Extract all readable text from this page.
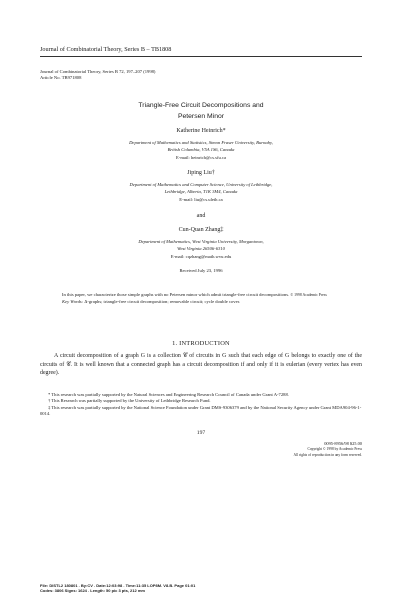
Journal of Combinatorial Theory, Series B – TB1808
Journal of Combinatorial Theory, Series B 72, 197–207 (1998)
Article No. TB971808
Triangle-Free Circuit Decompositions and
Petersen Minor
Katherine Heinrich*
Department of Mathematics and Statistics, Simon Fraser University, Burnaby,
British Columbia, V5A 1S6, Canada
E-mail: heinrich@cs.sfu.ca
Jiping Liu†
Department of Mathematics and Computer Science, University of Lethbridge,
Lethbridge, Alberta, T1K 3M4, Canada
E-mail: liu@cs.uleth.ca
and
Cun-Quan Zhang‡
Department of Mathematics, West Virginia University, Morgantown,
West Virginia 26506-6310
E-mail: cqzhang@math.wvu.edu
Received July 23, 1996
In this paper, we characterize those simple graphs with no Petersen minor which admit triangle-free circuit decompositions. © 1998 Academic Press
Key Words: Δ-graphs; triangle-free circuit decomposition; removable circuit; cycle double cover.
1. INTRODUCTION
A circuit decomposition of a graph G is a collection 𝒞 of circuits in G such that each edge of G belongs to exactly one of the circuits of 𝒞. It is well known that a connected graph has a circuit decomposition if and only if it is eulerian (every vertex has even degree).

* This research was partially supported by the Natural Sciences and Engineering Research Council of Canada under Grant A-7288.

† This Research was partially supported by the University of Lethbridge Research Fund.

‡ This research was partially supported by the National Science Foundation under Grant DMS-9306379 and by the National Security Agency under Grant MDA904-96-1-0014.

197
0095-8956/98 $25.00
Copyright © 1998 by Academic Press
All rights of reproduction in any form reserved.
File: DISTL2 180801 . By:CV . Date:12:03:98 . Time:11:35 LOP8M. V8.B. Page 01:01
Codes: 3806 Signs: 1624 . Length: 50 pic 3 pts, 212 mm
